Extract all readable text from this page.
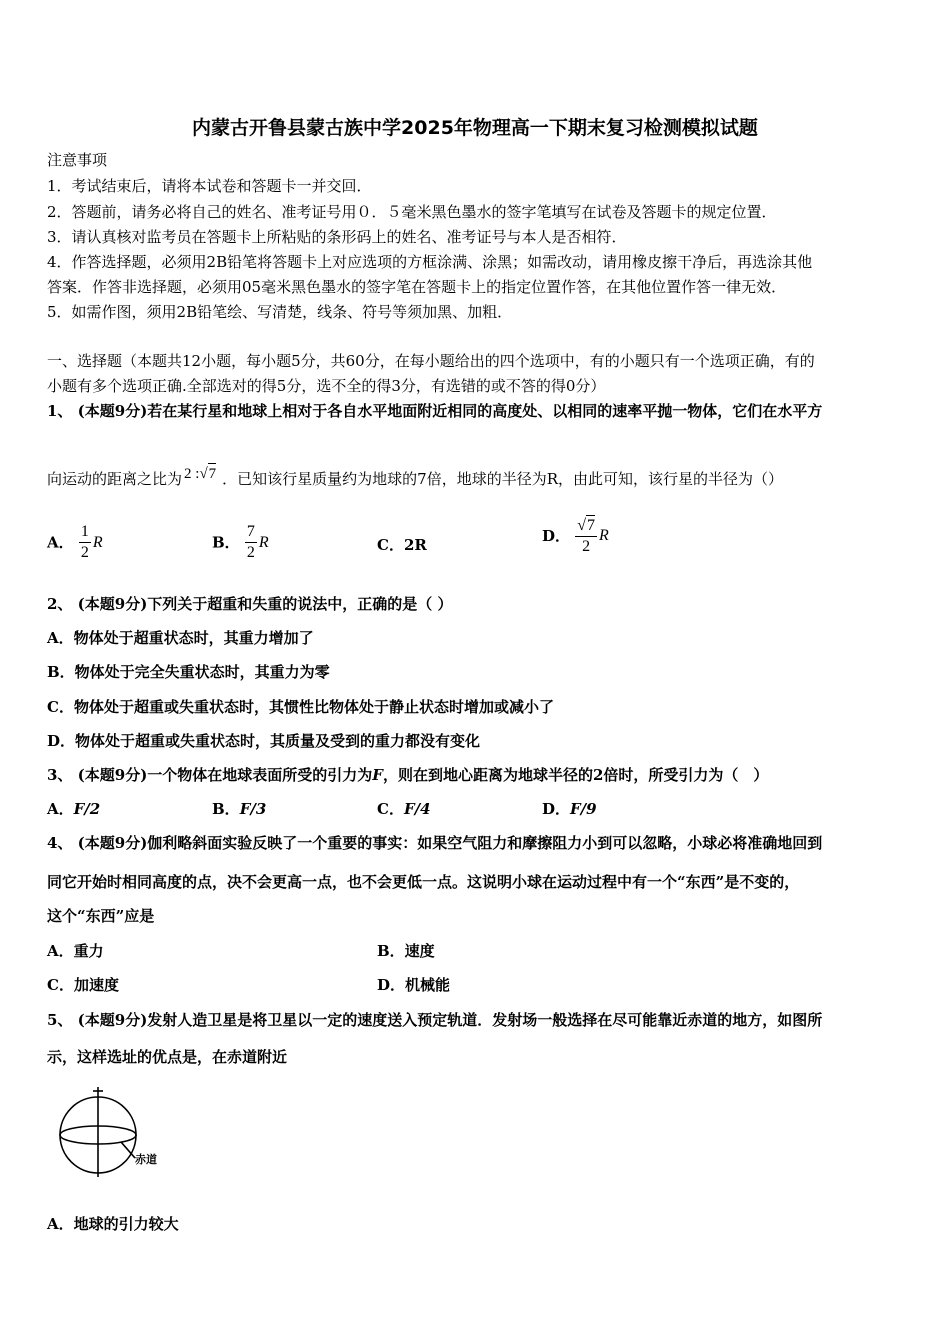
内蒙古开鲁县蒙古族中学2025年物理高一下期末复习检测模拟试题
注意事项
1．考试结束后，请将本试卷和答题卡一并交回．
2．答题前，请务必将自己的姓名、准考证号用０．５毫米黑色墨水的签字笔填写在试卷及答题卡的规定位置．
3．请认真核对监考员在答题卡上所粘贴的条形码上的姓名、准考证号与本人是否相符．
4．作答选择题，必须用2B铅笔将答题卡上对应选项的方框涂满、涂黑；如需改动，请用橡皮擦干净后，再选涂其他
答案．作答非选择题，必须用05毫米黑色墨水的签字笔在答题卡上的指定位置作答，在其他位置作答一律无效．
5．如需作图，须用2B铅笔绘、写清楚，线条、符号等须加黑、加粗．
一、选择题（本题共12小题，每小题5分，共60分，在每小题给出的四个选项中，有的小题只有一个选项正确，有的
小题有多个选项正确.全部选对的得5分，选不全的得3分，有选错的或不答的得0分）
1、 (本题9分)若在某行星和地球上相对于各自水平地面附近相同的高度处、以相同的速率平抛一物体，它们在水平方
向运动的距离之比为 2 :√7 ．已知该行星质量约为地球的7倍，地球的半径为R，由此可知，该行星的半径为（）
A． $\frac{1}{2}$ R	B． $\frac{7}{2}$ R	C．2R	D． $\frac{√7}{2}$ R
2、 (本题9分)下列关于超重和失重的说法中，正确的是（ ）
A．物体处于超重状态时，其重力增加了
B．物体处于完全失重状态时，其重力为零
C．物体处于超重或失重状态时，其惯性比物体处于静止状态时增加或减小了
D．物体处于超重或失重状态时，其质量及受到的重力都没有变化
3、 (本题9分)一个物体在地球表面所受的引力为F，则在到地心距离为地球半径的2倍时，所受引力为（　）
A．F/2	B．F/3	C．F/4	D．F/9
4、 (本题9分)伽利略斜面实验反映了一个重要的事实：如果空气阻力和摩擦阻力小到可以忽略，小球必将准确地回到
同它开始时相同高度的点，决不会更高一点，也不会更低一点。这说明小球在运动过程中有一个“东西”是不变的，
这个“东西”应是
A．重力	B．速度
C．加速度	D．机械能
5、 (本题9分)发射人造卫星是将卫星以一定的速度送入预定轨道．发射场一般选择在尽可能靠近赤道的地方，如图所
示，这样选址的优点是，在赤道附近
赤道
A．地球的引力较大
